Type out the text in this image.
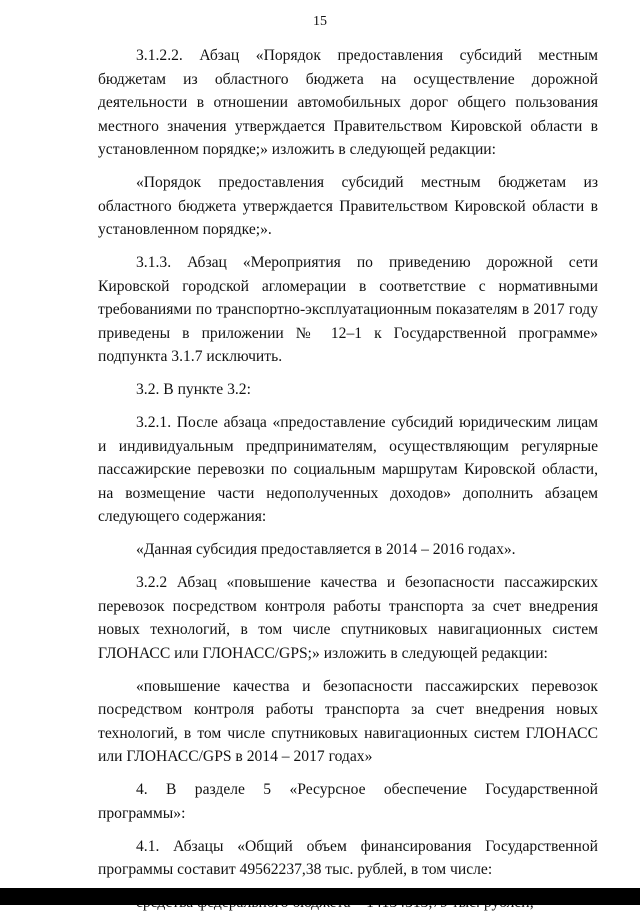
15

3.1.2.2. Абзац «Порядок предоставления субсидий местным бюджетам из областного бюджета на осуществление дорожной деятельности в отношении автомобильных дорог общего пользования местного значения утверждается Правительством Кировской области в установленном порядке;» изложить в следующей редакции:

«Порядок предоставления субсидий местным бюджетам из областного бюджета утверждается Правительством Кировской области в установленном порядке;».

3.1.3. Абзац «Мероприятия по приведению дорожной сети Кировской городской агломерации в соответствие с нормативными требованиями по транспортно-эксплуатационным показателям в 2017 году приведены в приложении № 12–1 к Государственной программе» подпункта 3.1.7 исключить.

3.2. В пункте 3.2:

3.2.1. После абзаца «предоставление субсидий юридическим лицам и индивидуальным предпринимателям, осуществляющим регулярные пассажирские перевозки по социальным маршрутам Кировской области, на возмещение части недополученных доходов» дополнить абзацем следующего содержания:

«Данная субсидия предоставляется в 2014 – 2016 годах».

3.2.2 Абзац «повышение качества и безопасности пассажирских перевозок посредством контроля работы транспорта за счет внедрения новых технологий, в том числе спутниковых навигационных систем ГЛОНАСС или ГЛОНАСС/GPS;» изложить в следующей редакции:

«повышение качества и безопасности пассажирских перевозок посредством контроля работы транспорта за счет внедрения новых технологий, в том числе спутниковых навигационных систем ГЛОНАСС или ГЛОНАСС/GPS в 2014 – 2017 годах»

4. В разделе 5 «Ресурсное обеспечение Государственной программы»:

4.1. Абзацы «Общий объем финансирования Государственной программы составит 49562237,38 тыс. рублей, в том числе:
